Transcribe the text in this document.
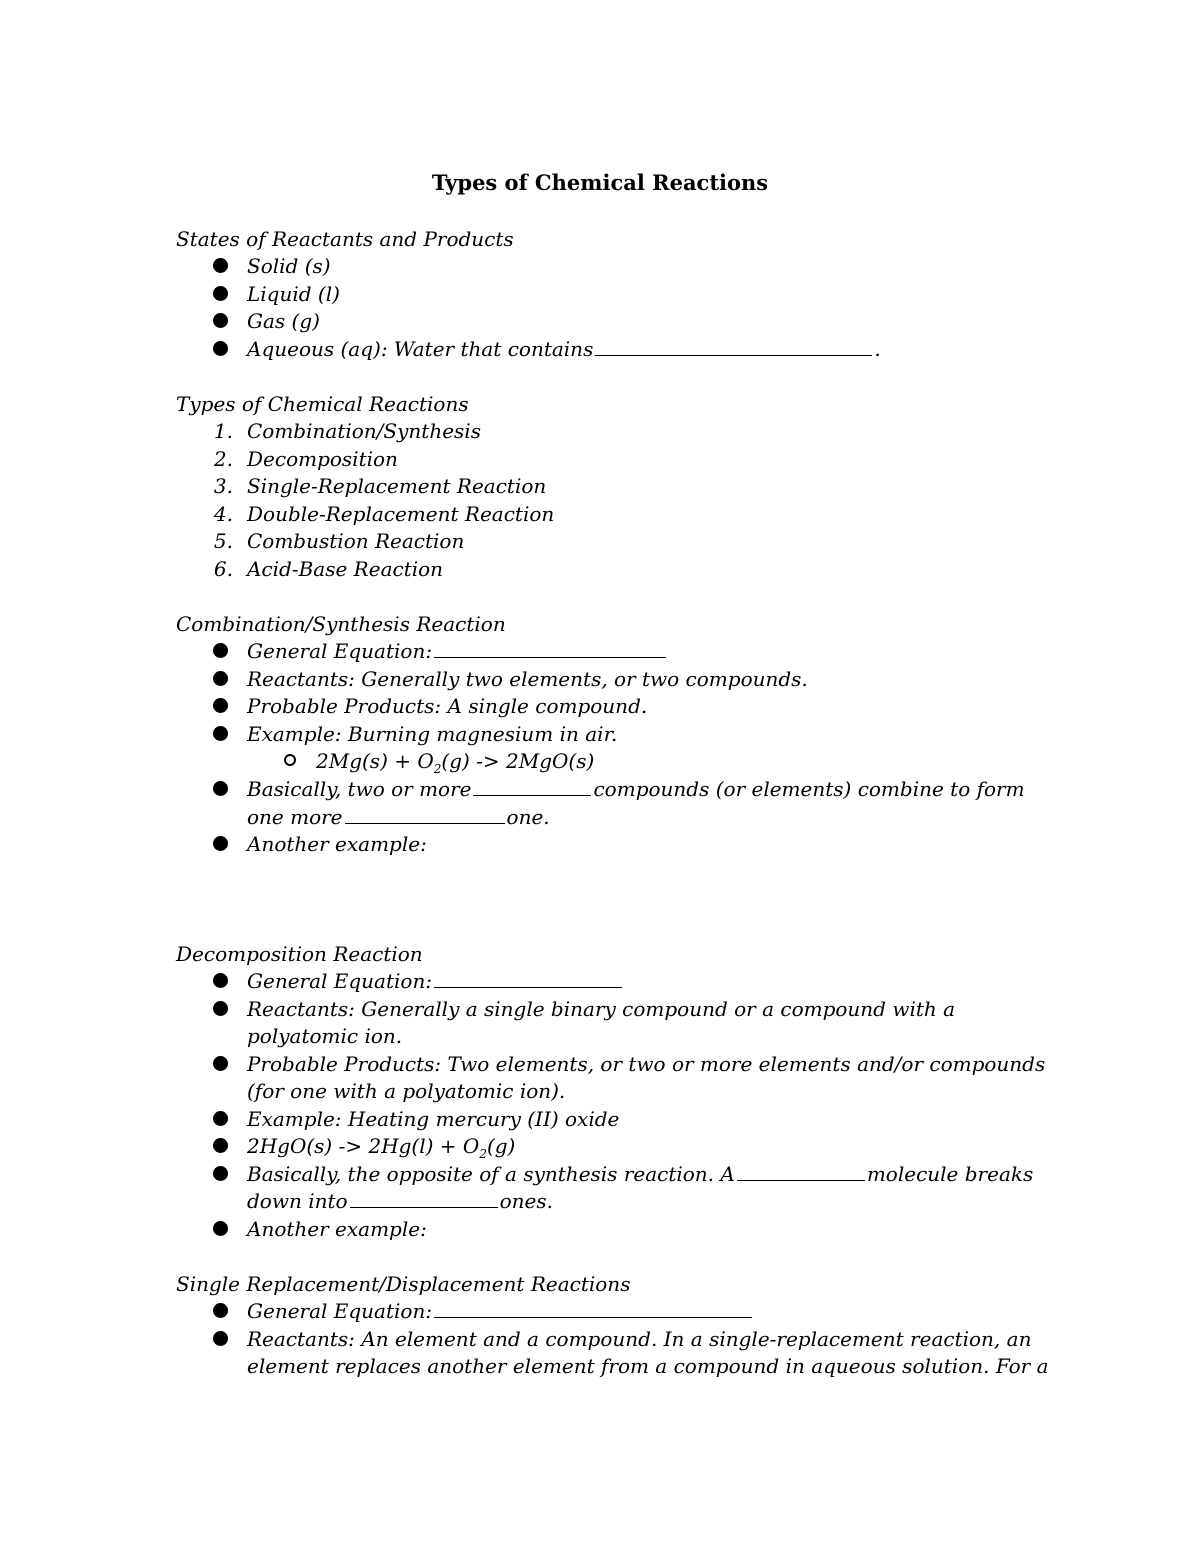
Types of Chemical Reactions
States of Reactants and Products
Solid (s)
Liquid (l)
Gas (g)
Aqueous (aq): Water that contains	.
Types of Chemical Reactions
1. Combination/Synthesis
2. Decomposition
3. Single-Replacement Reaction
4. Double-Replacement Reaction
5. Combustion Reaction
6. Acid-Base Reaction
Combination/Synthesis Reaction
General Equation:
Reactants: Generally two elements, or two compounds.
Probable Products: A single compound.
Example: Burning magnesium in air.
$2Mg(s) + O_2(g) -> 2MgO(s)$
Basically, two or more	compounds (or elements) combine to form
one more	one.
Another example:
Decomposition Reaction
General Equation:
Reactants: Generally a single binary compound or a compound with a
polyatomic ion.
Probable Products: Two elements, or two or more elements and/or compounds
(for one with a polyatomic ion).
Example: Heating mercury (II) oxide
$2HgO(s) -> 2Hg(l) + O_2(g)$
Basically, the opposite of a synthesis reaction. A	molecule breaks
down into	ones.
Another example:
Single Replacement/Displacement Reactions
General Equation:
Reactants: An element and a compound. In a single-replacement reaction, an
element replaces another element from a compound in aqueous solution. For a
